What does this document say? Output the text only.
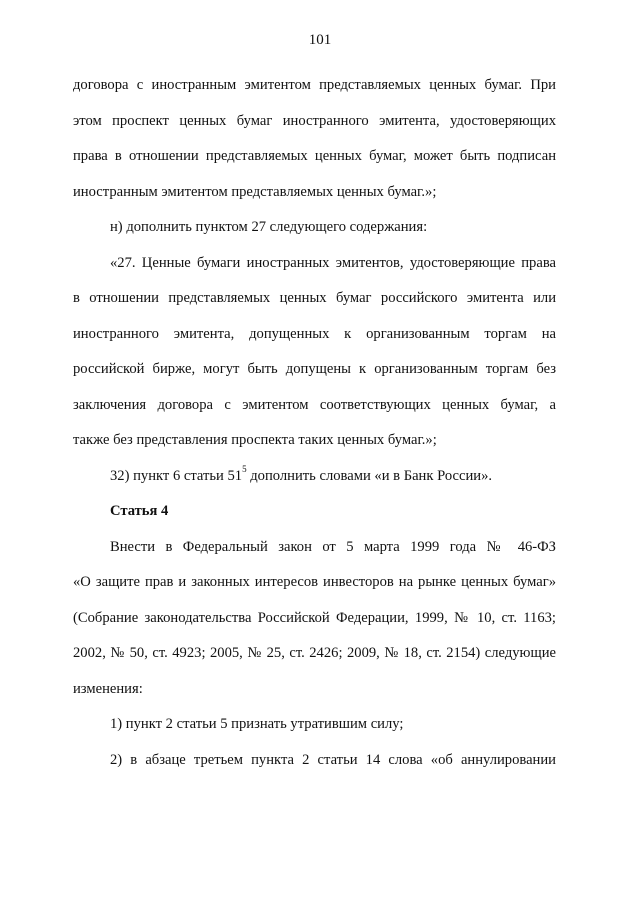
101
договора с иностранным эмитентом представляемых ценных бумаг. При
этом проспект ценных бумаг иностранного эмитента, удостоверяющих
права в отношении представляемых ценных бумаг, может быть подписан
иностранным эмитентом представляемых ценных бумаг.»;
н) дополнить пунктом 27 следующего содержания:
«27. Ценные бумаги иностранных эмитентов, удостоверяющие права
в отношении представляемых ценных бумаг российского эмитента или
иностранного эмитента, допущенных к организованным торгам на
российской бирже, могут быть допущены к организованным торгам без
заключения договора с эмитентом соответствующих ценных бумаг, а
также без представления проспекта таких ценных бумаг.»;
32) пункт 6 статьи $51^5$ дополнить словами «и в Банк России».
Статья 4
Внести в Федеральный закон от 5 марта 1999 года № 46-ФЗ
«О защите прав и законных интересов инвесторов на рынке ценных бумаг»
(Собрание законодательства Российской Федерации, 1999, № 10, ст. 1163;
2002, № 50, ст. 4923; 2005, № 25, ст. 2426; 2009, № 18, ст. 2154) следующие
изменения:
1) пункт 2 статьи 5 признать утратившим силу;
2) в абзаце третьем пункта 2 статьи 14 слова «об аннулировании
